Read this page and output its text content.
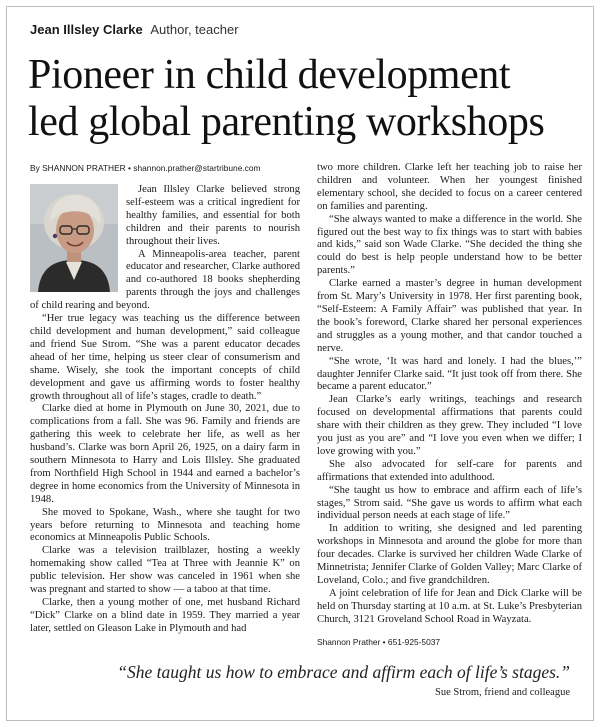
Jean Illsley Clarke Author, teacher
Pioneer in child development
led global parenting workshops
By SHANNON PRATHER • shannon.prather@startribune.com

Jean Illsley Clarke believed strong self-esteem was a critical ingredient for healthy families, and essential for both children and their parents to nourish throughout their lives.

A Minneapolis-area teacher, parent educator and researcher, Clarke authored and co-authored 18 books shepherding parents through the joys and challenges of child rearing and beyond.

“Her true legacy was teaching us the difference between child development and human development,” said colleague and friend Sue Strom. “She was a parent educator decades ahead of her time, helping us steer clear of consumerism and shame. Wisely, she took the important concepts of child development and gave us affirming words to foster healthy growth throughout all of life’s stages, cradle to death.”

Clarke died at home in Plymouth on June 30, 2021, due to complications from a fall. She was 96. Family and friends are gathering this week to celebrate her life, as well as her husband’s. Clarke was born April 26, 1925, on a dairy farm in southern Minnesota to Harry and Lois Illsley. She graduated from Northfield High School in 1944 and earned a bachelor’s degree in home economics from the University of Minnesota in 1948.

She moved to Spokane, Wash., where she taught for two years before returning to Minnesota and teaching home economics at Minneapolis Public Schools.

Clarke was a television trailblazer, hosting a weekly homemaking show called “Tea at Three with Jeannie K” on public television. Her show was canceled in 1961 when she was pregnant and started to show — a taboo at that time.

Clarke, then a young mother of one, met husband Richard “Dick” Clarke on a blind date in 1959. They married a year later, settled on Gleason Lake in Plymouth and had

two more children. Clarke left her teaching job to raise her children and volunteer. When her youngest finished elementary school, she decided to focus on a career centered on families and parenting.

“She always wanted to make a difference in the world. She figured out the best way to fix things was to start with babies and kids,” said son Wade Clarke. “She decided the thing she could do best is help people understand how to be better parents.”

Clarke earned a master’s degree in human development from St. Mary’s University in 1978. Her first parenting book, “Self-Esteem: A Family Affair” was published that year. In the book’s foreword, Clarke shared her personal experiences and struggles as a young mother, and that candor touched a nerve.

“She wrote, ‘It was hard and lonely. I had the blues,’” daughter Jennifer Clarke said. “It just took off from there. She became a parent educator.”

Jean Clarke’s early writings, teachings and research focused on developmental affirmations that parents could share with their children as they grew. They included “I love you just as you are” and “I love you even when we differ; I love growing with you.”

She also advocated for self-care for parents and affirmations that extended into adulthood.

“She taught us how to embrace and affirm each of life’s stages,” Strom said. “She gave us words to affirm what each individual person needs at each stage of life.”

In addition to writing, she designed and led parenting workshops in Minnesota and around the globe for more than four decades. Clarke is survived her children Wade Clarke of Minnetrista; Jennifer Clarke of Golden Valley; Marc Clarke of Loveland, Colo.; and five grandchildren.

A joint celebration of life for Jean and Dick Clarke will be held on Thursday starting at 10 a.m. at St. Luke’s Presbyterian Church, 3121 Groveland School Road in Wayzata.

Shannon Prather • 651-925-5037
“She taught us how to embrace and affirm each of life’s stages.”
Sue Strom, friend and colleague
